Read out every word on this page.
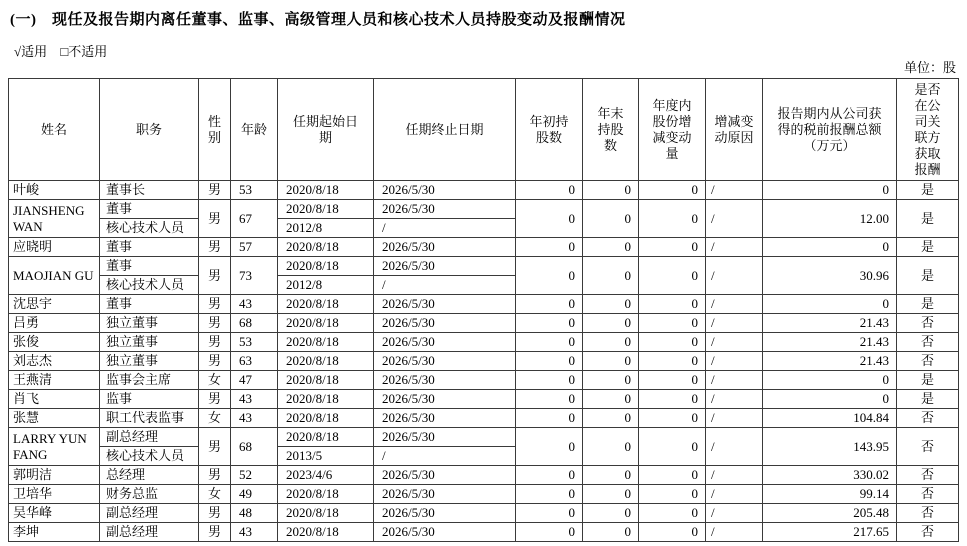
(一)　现任及报告期内离任董事、监事、高级管理人员和核心技术人员持股变动及报酬情况
√适用 □不适用
单位：股
姓名	职务	性别	年龄	任期起始日期	任期终止日期	年初持股数	年末持股数	年度内股份增减变动量	增减变动原因	报告期内从公司获得的税前报酬总额（万元）	是否在公司关联方获取报酬
叶峻	董事长	男	53	2020/8/18	2026/5/30	0	0	0	/	0	是
JIANSHENG WAN	董事	男	67	2020/8/18	2026/5/30	0	0	0	/	12.00	是
	核心技术人员			2012/8	/						
应晓明	董事	男	57	2020/8/18	2026/5/30	0	0	0	/	0	是
MAOJIAN GU	董事	男	73	2020/8/18	2026/5/30	0	0	0	/	30.96	是
	核心技术人员			2012/8	/						
沈思宇	董事	男	43	2020/8/18	2026/5/30	0	0	0	/	0	是
吕勇	独立董事	男	68	2020/8/18	2026/5/30	0	0	0	/	21.43	否
张俊	独立董事	男	53	2020/8/18	2026/5/30	0	0	0	/	21.43	否
刘志杰	独立董事	男	63	2020/8/18	2026/5/30	0	0	0	/	21.43	否
王燕清	监事会主席	女	47	2020/8/18	2026/5/30	0	0	0	/	0	是
肖飞	监事	男	43	2020/8/18	2026/5/30	0	0	0	/	0	是
张慧	职工代表监事	女	43	2020/8/18	2026/5/30	0	0	0	/	104.84	否
LARRY YUN FANG	副总经理	男	68	2020/8/18	2026/5/30	0	0	0	/	143.95	否
	核心技术人员			2013/5	/						
郭明洁	总经理	男	52	2023/4/6	2026/5/30	0	0	0	/	330.02	否
卫培华	财务总监	女	49	2020/8/18	2026/5/30	0	0	0	/	99.14	否
吴华峰	副总经理	男	48	2020/8/18	2026/5/30	0	0	0	/	205.48	否
李坤	副总经理	男	43	2020/8/18	2026/5/30	0	0	0	/	217.65	否
